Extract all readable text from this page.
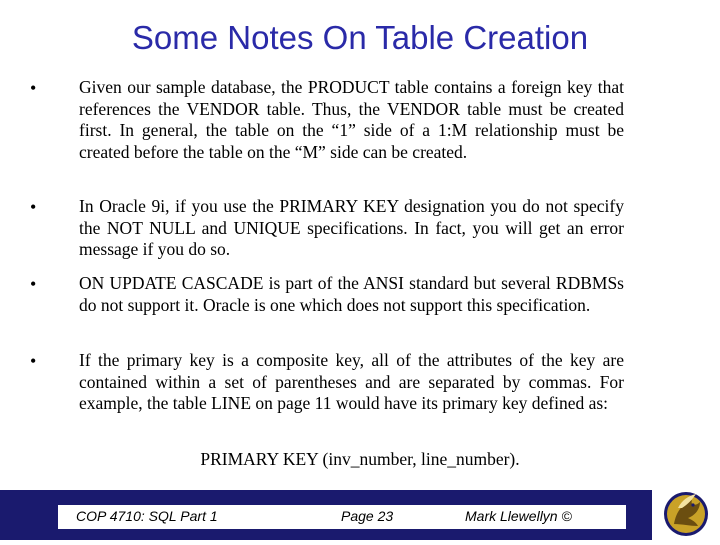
Some Notes On Table Creation
• Given our sample database, the PRODUCT table contains a foreign key that references the VENDOR table. Thus, the VENDOR table must be created first. In general, the table on the “1” side of a 1:M relationship must be created before the table on the “M” side can be created.
• In Oracle 9i, if you use the PRIMARY KEY designation you do not specify the NOT NULL and UNIQUE specifications. In fact, you will get an error message if you do so.
• ON UPDATE CASCADE is part of the ANSI standard but several RDBMSs do not support it. Oracle is one which does not support this specification.
• If the primary key is a composite key, all of the attributes of the key are contained within a set of parentheses and are separated by commas. For example, the table LINE on page 11 would have its primary key defined as:
PRIMARY KEY (inv_number, line_number).
COP 4710: SQL Part 1	Page 23	Mark Llewellyn ©
